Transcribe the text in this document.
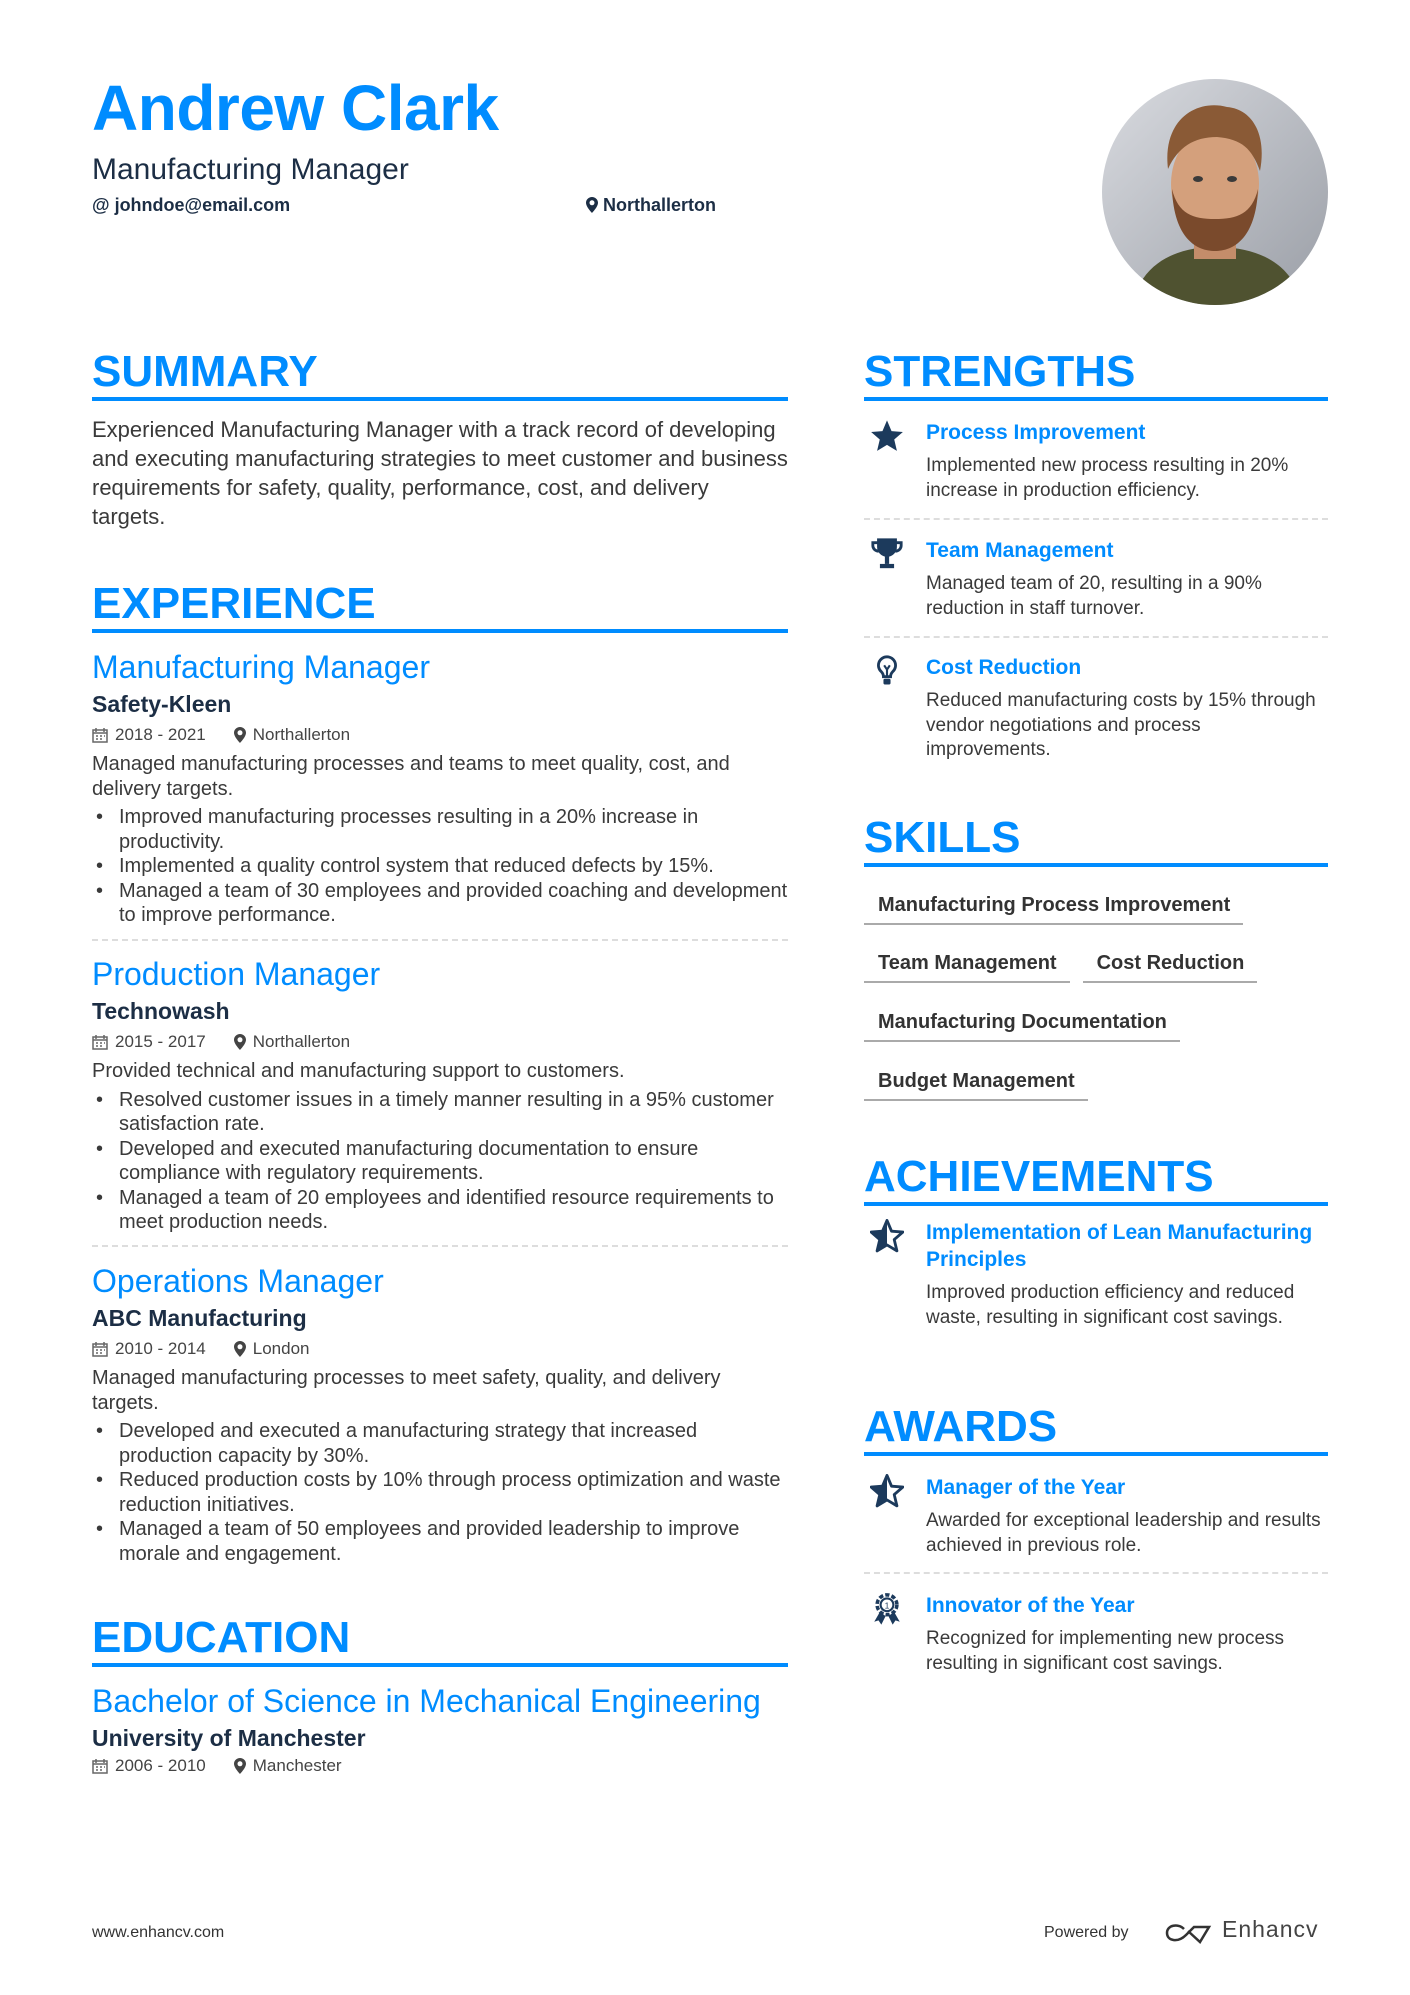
Andrew Clark
Manufacturing Manager
@ johndoe@email.com	Northallerton
SUMMARY
Experienced Manufacturing Manager with a track record of developing and executing manufacturing strategies to meet customer and business requirements for safety, quality, performance, cost, and delivery targets.
EXPERIENCE
Manufacturing Manager
Safety-Kleen
2018 - 2021	Northallerton
Managed manufacturing processes and teams to meet quality, cost, and delivery targets.
• Improved manufacturing processes resulting in a 20% increase in productivity.
• Implemented a quality control system that reduced defects by 15%.
• Managed a team of 30 employees and provided coaching and development to improve performance.
Production Manager
Technowash
2015 - 2017	Northallerton
Provided technical and manufacturing support to customers.
• Resolved customer issues in a timely manner resulting in a 95% customer satisfaction rate.
• Developed and executed manufacturing documentation to ensure compliance with regulatory requirements.
• Managed a team of 20 employees and identified resource requirements to meet production needs.
Operations Manager
ABC Manufacturing
2010 - 2014	London
Managed manufacturing processes to meet safety, quality, and delivery targets.
• Developed and executed a manufacturing strategy that increased production capacity by 30%.
• Reduced production costs by 10% through process optimization and waste reduction initiatives.
• Managed a team of 50 employees and provided leadership to improve morale and engagement.
EDUCATION
Bachelor of Science in Mechanical Engineering
University of Manchester
2006 - 2010	Manchester
STRENGTHS
SKILLS
ACHIEVEMENTS
AWARDS
Process Improvement
Implemented new process resulting in 20% increase in production efficiency.
Team Management
Managed team of 20, resulting in a 90% reduction in staff turnover.
Cost Reduction
Reduced manufacturing costs by 15% through vendor negotiations and process improvements.
Implementation of Lean Manufacturing Principles
Improved production efficiency and reduced waste, resulting in significant cost savings.
Manager of the Year
Awarded for exceptional leadership and results achieved in previous role.
1 Innovator of the Year
Recognized for implementing new process resulting in significant cost savings.
Manufacturing Process Improvement
Team Management	Cost Reduction
Manufacturing Documentation
Budget Management
www.enhancv.com	Powered by	Enhancv
